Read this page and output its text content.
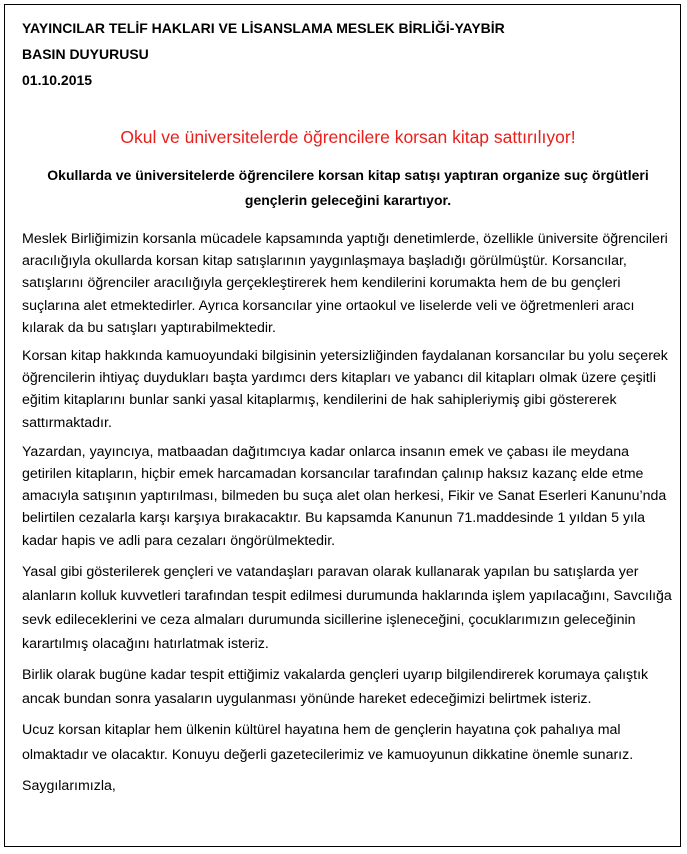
YAYINCILAR TELİF HAKLARI VE LİSANSLAMA MESLEK BİRLİĞİ-YAYBİR

BASIN DUYURUSU

01.10.2015

Okul ve üniversitelerde öğrencilere korsan kitap sattırılıyor!

Okullarda ve üniversitelerde öğrencilere korsan kitap satışı yaptıran organize suç örgütleri gençlerin geleceğini karartıyor.

Meslek Birliğimizin korsanla mücadele kapsamında yaptığı denetimlerde, özellikle üniversite öğrencileri aracılığıyla okullarda korsan kitap satışlarının yaygınlaşmaya başladığı görülmüştür. Korsancılar, satışlarını öğrenciler aracılığıyla gerçekleştirerek hem kendilerini korumakta hem de bu gençleri suçlarına alet etmektedirler. Ayrıca korsancılar yine ortaokul ve liselerde veli ve öğretmenleri aracı kılarak da bu satışları yaptırabilmektedir.

Korsan kitap hakkında kamuoyundaki bilgisinin yetersizliğinden faydalanan korsancılar bu yolu seçerek öğrencilerin ihtiyaç duydukları başta yardımcı ders kitapları ve yabancı dil kitapları olmak üzere çeşitli eğitim kitaplarını bunlar sanki yasal kitaplarmış, kendilerini de hak sahipleriymiş gibi göstererek sattırmaktadır.

Yazardan, yayıncıya, matbaadan dağıtımcıya kadar onlarca insanın emek ve çabası ile meydana getirilen kitapların, hiçbir emek harcamadan korsancılar tarafından çalınıp haksız kazanç elde etme amacıyla satışının yaptırılması, bilmeden bu suça alet olan herkesi, Fikir ve Sanat Eserleri Kanunu’nda belirtilen cezalarla karşı karşıya bırakacaktır. Bu kapsamda Kanunun 71.maddesinde 1 yıldan 5 yıla kadar hapis ve adli para cezaları öngörülmektedir.

Yasal gibi gösterilerek gençleri ve vatandaşları paravan olarak kullanarak yapılan bu satışlarda yer alanların kolluk kuvvetleri tarafından tespit edilmesi durumunda haklarında işlem yapılacağını, Savcılığa sevk edileceklerini ve ceza almaları durumunda sicillerine işleneceğini, çocuklarımızın geleceğinin karartılmış olacağını hatırlatmak isteriz.

Birlik olarak bugüne kadar tespit ettiğimiz vakalarda gençleri uyarıp bilgilendirerek korumaya çalıştık ancak bundan sonra yasaların uygulanması yönünde hareket edeceğimizi belirtmek isteriz.

Ucuz korsan kitaplar hem ülkenin kültürel hayatına hem de gençlerin hayatına çok pahalıya mal olmaktadır ve olacaktır. Konuyu değerli gazetecilerimiz ve kamuoyunun dikkatine önemle sunarız.

Saygılarımızla,
